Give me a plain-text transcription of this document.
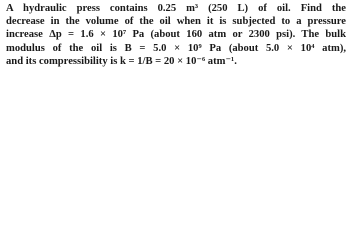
A hydraulic press contains 0.25 m³ (250 L) of oil. Find the
decrease in the volume of the oil when it is subjected to a pressure
increase Δp = 1.6 × 10⁷ Pa (about 160 atm or 2300 psi). The bulk
modulus of the oil is B = 5.0 × 10⁹ Pa (about 5.0 × 10⁴ atm),
and its compressibility is k = 1/B = 20 × 10⁻⁶ atm⁻¹.
